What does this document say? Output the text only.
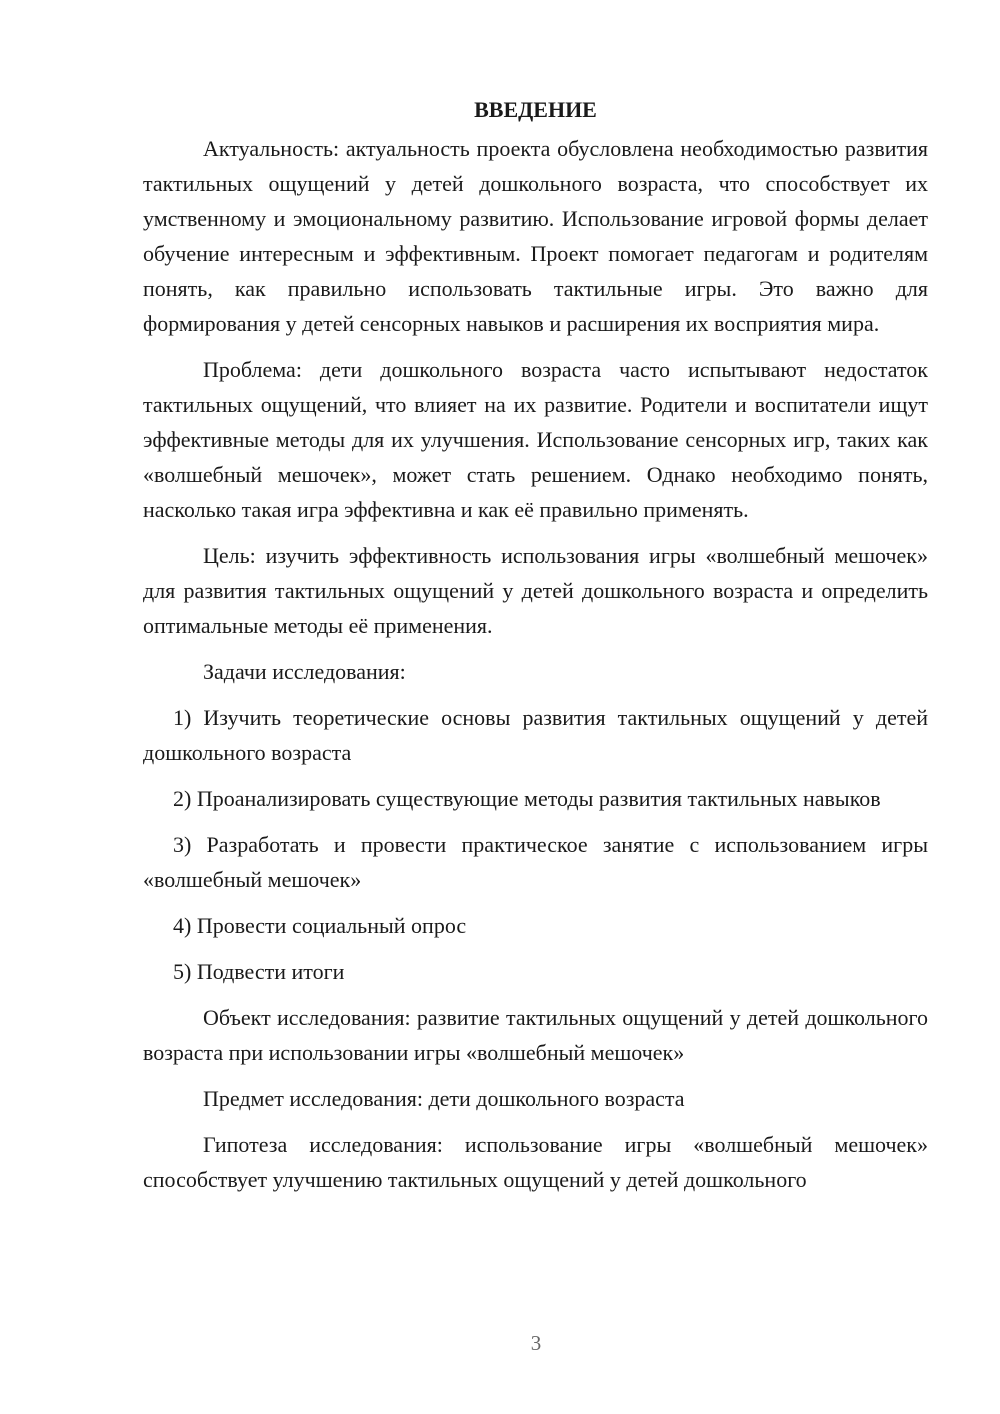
ВВЕДЕНИЕ

Актуальность: актуальность проекта обусловлена необходимостью развития тактильных ощущений у детей дошкольного возраста, что способствует их умственному и эмоциональному развитию. Использование игровой формы делает обучение интересным и эффективным. Проект помогает педагогам и родителям понять, как правильно использовать тактильные игры. Это важно для формирования у детей сенсорных навыков и расширения их восприятия мира.

Проблема: дети дошкольного возраста часто испытывают недостаток тактильных ощущений, что влияет на их развитие. Родители и воспитатели ищут эффективные методы для их улучшения. Использование сенсорных игр, таких как «волшебный мешочек», может стать решением. Однако необходимо понять, насколько такая игра эффективна и как её правильно применять.

Цель: изучить эффективность использования игры «волшебный мешочек» для развития тактильных ощущений у детей дошкольного возраста и определить оптимальные методы её применения.

Задачи исследования:

1) Изучить теоретические основы развития тактильных ощущений у детей дошкольного возраста

2) Проанализировать существующие методы развития тактильных навыков

3) Разработать и провести практическое занятие с использованием игры «волшебный мешочек»

4) Провести социальный опрос

5) Подвести итоги

Объект исследования: развитие тактильных ощущений у детей дошкольного возраста при использовании игры «волшебный мешочек»

Предмет исследования: дети дошкольного возраста

Гипотеза исследования: использование игры «волшебный мешочек» способствует улучшению тактильных ощущений у детей дошкольного

3
